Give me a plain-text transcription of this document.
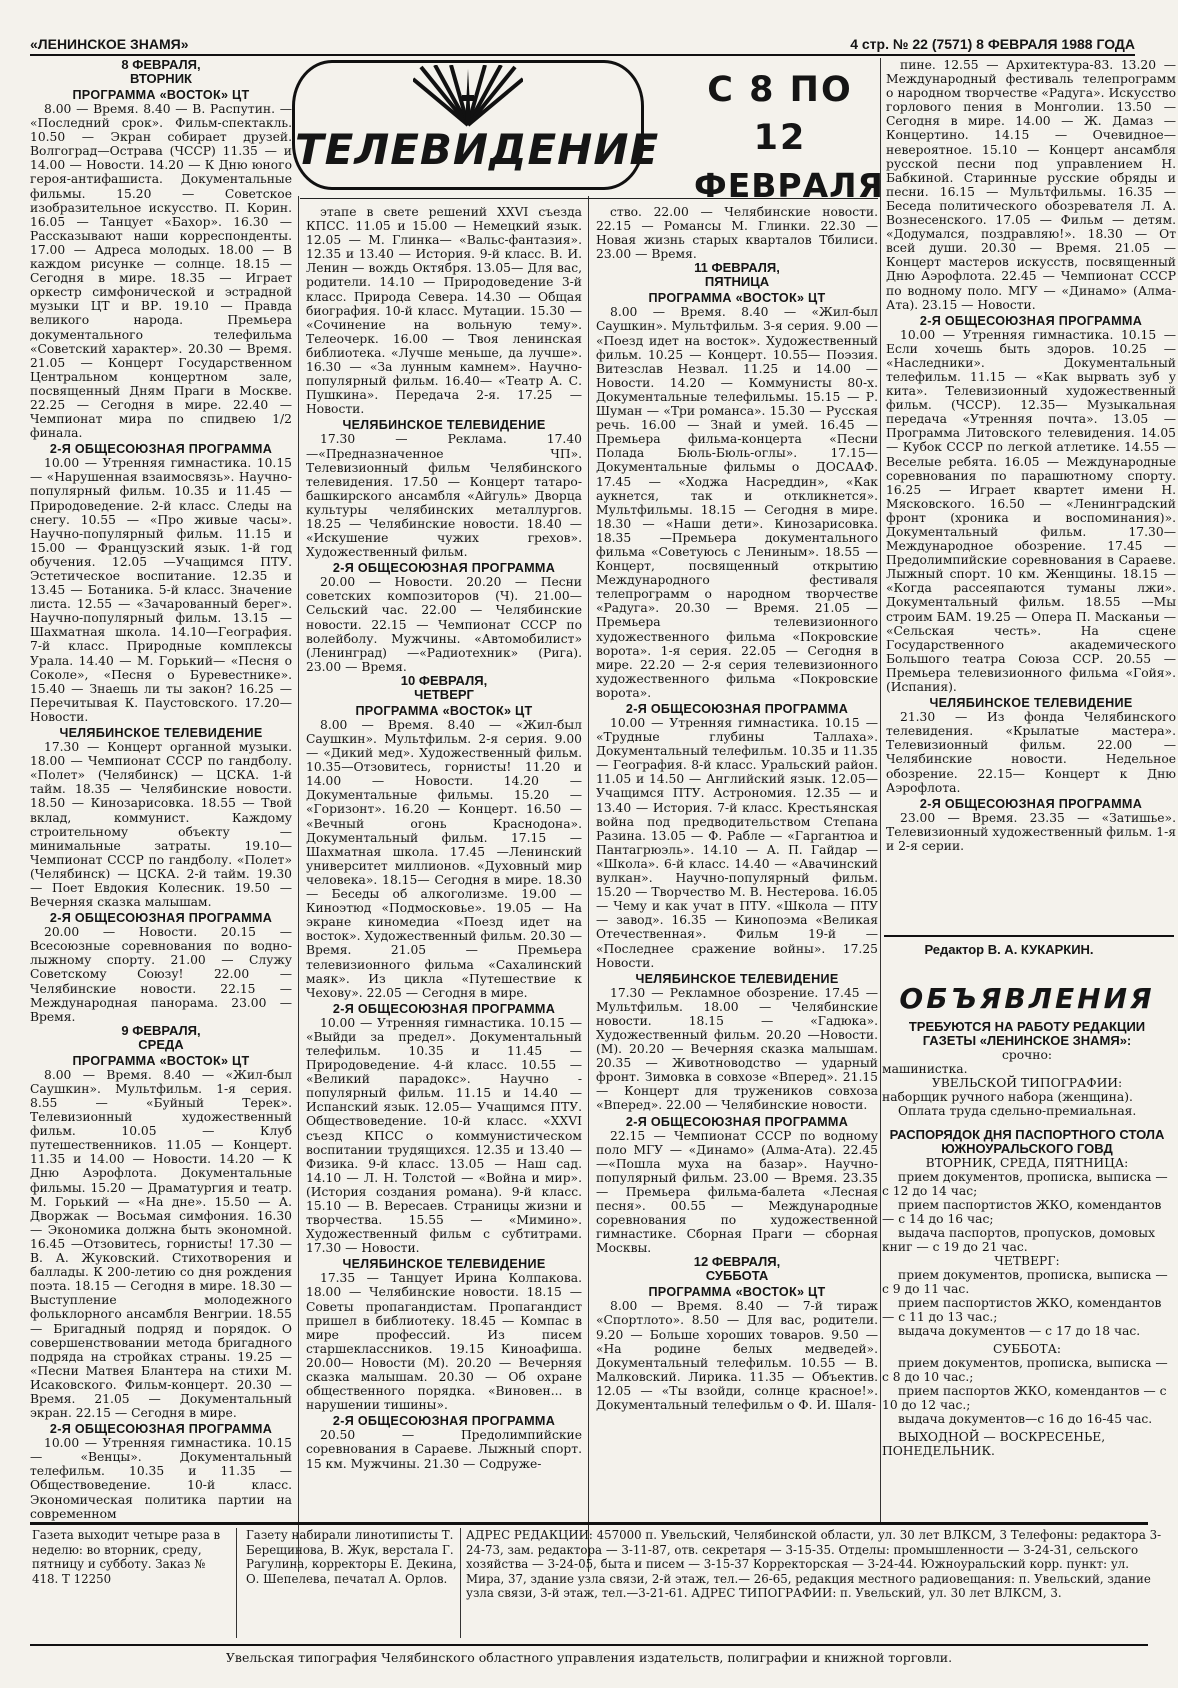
«ЛЕНИНСКОЕ ЗНАМЯ»	4 стр. № 22 (7571) 8 ФЕВРАЛЯ 1988 ГОДА
ТЕЛЕВИДЕНИЕ
С 8 ПО 12
ФЕВРАЛЯ
8 ФЕВРАЛЯ,
ВТОРНИК
ПРОГРАММА «ВОСТОК» ЦТ

8.00 — Время. 8.40 — В. Распутин. — «Последний срок». Фильм-спектакль. 10.50 — Экран собирает друзей. Волгоград—Острава (ЧССР) 11.35 — и 14.00 — Новости. 14.20 — К Дню юного героя-антифашиста. Документальные фильмы. 15.20 — Советское изобразительное искусство. П. Корин. 16.05 — Танцует «Бахор». 16.30 — Рассказывают наши корреспонденты. 17.00 — Адреса молодых. 18.00 — В каждом рисунке — солнце. 18.15 — Сегодня в мире. 18.35 — Играет оркестр симфонической и эстрадной музыки ЦТ и ВР. 19.10 — Правда великого народа. Премьера документального телефильма «Советский характер». 20.30 — Время. 21.05 — Концерт Государственном Центральном концертном зале, посвященный Дням Праги в Москве. 22.25 — Сегодня в мире. 22.40 — Чемпионат мира по спидвею 1/2 финала.

2-Я ОБЩЕСОЮЗНАЯ ПРОГРАММА

10.00 — Утренняя гимнастика. 10.15— «Нарушенная взаимосвязь». Научно-популярный фильм. 10.35 и 11.45 — Природоведение. 2-й класс. Следы на снегу. 10.55 — «Про живые часы». Научно-популярный фильм. 11.15 и 15.00 — Французский язык. 1-й год обучения. 12.05 —Учащимся ПТУ. Эстетическое воспитание. 12.35 и 13.45 — Ботаника. 5-й класс. Значение листа. 12.55 — «Зачарованный берег». Научно-популярный фильм. 13.15 — Шахматная школа. 14.10—География. 7-й класс. Природные комплексы Урала. 14.40 — М. Горький— «Песня о Соколе», «Песня о Буревестнике». 15.40 — Знаешь ли ты закон? 16.25 — Перечитывая К. Паустовского. 17.20— Новости.

ЧЕЛЯБИНСКОЕ ТЕЛЕВИДЕНИЕ

17.30 — Концерт органной музыки. 18.00 — Чемпионат СССР по гандболу. «Полет» (Челябинск) — ЦСКА. 1-й тайм. 18.35 — Челябинские новости. 18.50 — Кинозарисовка. 18.55 — Твой вклад, коммунист. Каждому строительному объекту — минимальные затраты. 19.10— Чемпионат СССР по гандболу. «Полет» (Челябинск) — ЦСКА. 2-й тайм. 19.30 — Поет Евдокия Колесник. 19.50 — Вечерняя сказка малышам.

2-Я ОБЩЕСОЮЗНАЯ ПРОГРАММА

20.00 — Новости. 20.15 — Всесоюзные соревнования по водно-лыжному спорту. 21.00 — Служу Советскому Союзу! 22.00 — Челябинские новости. 22.15 — Международная панорама. 23.00 — Время.

9 ФЕВРАЛЯ,
СРЕДА
ПРОГРАММА «ВОСТОК» ЦТ

8.00 — Время. 8.40 — «Жил-был Саушкин». Мультфильм. 1-я серия. 8.55 — «Буйный Терек». Телевизионный художественный фильм. 10.05 — Клуб путешественников. 11.05 — Концерт. 11.35 и 14.00 — Новости. 14.20 — К Дню Аэрофлота. Документальные фильмы. 15.20 — Драматургия и театр. М. Горький — «На дне». 15.50 — А. Дворжак — Восьмая симфония. 16.30 — Экономика должна быть экономной. 16.45 —Отзовитесь, горнисты! 17.30 — В. А. Жуковский. Стихотворения и баллады. К 200-летию со дня рождения поэта. 18.15 — Сегодня в мире. 18.30 — Выступление молодежного фольклорного ансамбля Венгрии. 18.55 — Бригадный подряд и порядок. О совершенствовании метода бригадного подряда на стройках страны. 19.25 — «Песни Матвея Блантера на стихи М. Исаковского. Фильм-концерт. 20.30 — Время. 21.05 — Документальный экран. 22.15 — Сегодня в мире.

2-Я ОБЩЕСОЮЗНАЯ ПРОГРАММА

10.00 — Утренняя гимнастика. 10.15 — «Венцы». Документальный телефильм. 10.35 и 11.35 —Обществоведение. 10-й класс. Экономическая политика партии на современном

этапе в свете решений XXVI съезда КПСС. 11.05 и 15.00 — Немецкий язык. 12.05 — М. Глинка— «Вальс-фантазия». 12.35 и 13.40 — История. 9-й класс. В. И. Ленин — вождь Октября. 13.05— Для вас, родители. 14.10 — Природоведение 3-й класс. Природа Севера. 14.30 — Общая биография. 10-й класс. Мутации. 15.30 — «Сочинение на вольную тему». Телеочерк. 16.00 — Твоя ленинская библиотека. «Лучше меньше, да лучше». 16.30 — «За лунным камнем». Научно-популярный фильм. 16.40— «Театр А. С. Пушкина». Передача 2-я. 17.25 — Новости.

ЧЕЛЯБИНСКОЕ ТЕЛЕВИДЕНИЕ

17.30 — Реклама. 17.40 —«Предназначенное ЧП». Телевизионный фильм Челябинского телевидения. 17.50 — Концерт татаро-башкирского ансамбля «Айгуль» Дворца культуры челябинских металлургов. 18.25 — Челябинские новости. 18.40 — «Искушение чужих грехов». Художественный фильм.

2-Я ОБЩЕСОЮЗНАЯ ПРОГРАММА

20.00 — Новости. 20.20 — Песни советских композиторов (Ч). 21.00— Сельский час. 22.00 — Челябинские новости. 22.15 — Чемпионат СССР по волейболу. Мужчины. «Автомобилист» (Ленинград) —«Радиотехник» (Рига). 23.00 — Время.

10 ФЕВРАЛЯ,
ЧЕТВЕРГ
ПРОГРАММА «ВОСТОК» ЦТ

8.00 — Время. 8.40 — «Жил-был Саушкин». Мультфильм. 2-я серия. 9.00 — «Дикий мед». Художественный фильм. 10.35—Отзовитесь, горнисты! 11.20 и 14.00 — Новости. 14.20 — Документальные фильмы. 15.20 — «Горизонт». 16.20 — Концерт. 16.50 — «Вечный огонь Краснодона». Документальный фильм. 17.15 — Шахматная школа. 17.45 —Ленинский университет миллионов. «Духовный мир человека». 18.15— Сегодня в мире. 18.30 — Беседы об алкоголизме. 19.00 — Киноэтюд «Подмосковье». 19.05 — На экране киномедиа «Поезд идет на восток». Художественный фильм. 20.30 —Время. 21.05 — Премьера телевизионного фильма «Сахалинский маяк». Из цикла «Путешествие к Чехову». 22.05 — Сегодня в мире.

2-Я ОБЩЕСОЮЗНАЯ ПРОГРАММА

10.00 — Утренняя гимнастика. 10.15 — «Выйди за предел». Документальный телефильм. 10.35 и 11.45 — Природоведение. 4-й класс. 10.55 — «Великий парадокс». Научно - популярный фильм. 11.15 и 14.40 — Испанский язык. 12.05— Учащимся ПТУ. Обществоведение. 10-й класс. «XXVI съезд КПСС о коммунистическом воспитании трудящихся. 12.35 и 13.40 — Физика. 9-й класс. 13.05 — Наш сад. 14.10 — Л. Н. Толстой — «Война и мир». (История создания романа). 9-й класс. 15.10 — В. Вересаев. Страницы жизни и творчества. 15.55 — «Мимино». Художественный фильм с субтитрами. 17.30 — Новости.

ЧЕЛЯБИНСКОЕ ТЕЛЕВИДЕНИЕ

17.35 — Танцует Ирина Колпакова. 18.00 — Челябинские новости. 18.15 — Советы пропагандистам. Пропагандист пришел в библиотеку. 18.45 — Компас в мире профессий. Из писем старшеклассников. 19.15 Киноафиша. 20.00— Новости (М). 20.20 — Вечерняя сказка малышам. 20.30 — Об охране общественного порядка. «Виновен... в нарушении тишины».

2-Я ОБЩЕСОЮЗНАЯ ПРОГРАММА

20.50 — Предолимпийские соревнования в Сараеве. Лыжный спорт. 15 км. Мужчины. 21.30 — Содруже-

ство. 22.00 — Челябинские новости. 22.15 — Романсы М. Глинки. 22.30 —Новая жизнь старых кварталов Тбилиси. 23.00 — Время.

11 ФЕВРАЛЯ,
ПЯТНИЦА
ПРОГРАММА «ВОСТОК» ЦТ

8.00 — Время. 8.40 — «Жил-был Саушкин». Мультфильм. 3-я серия. 9.00 — «Поезд идет на восток». Художественный фильм. 10.25 — Концерт. 10.55— Поэзия. Витезслав Незвал. 11.25 и 14.00 — Новости. 14.20 — Коммунисты 80-х. Документальные телефильмы. 15.15 — Р. Шуман — «Три романса». 15.30 — Русская речь. 16.00 — Знай и умей. 16.45 — Премьера фильма-концерта «Песни Полада Бюль-Бюль-оглы». 17.15—Документальные фильмы о ДОСААФ. 17.45 — «Ходжа Насреддин», «Как аукнется, так и откликнется». Мультфильмы. 18.15 — Сегодня в мире. 18.30 — «Наши дети». Кинозарисовка. 18.35 —Премьера документального фильма «Советуюсь с Лениным». 18.55 — Концерт, посвященный открытию Международного фестиваля телепрограмм о народном творчестве «Радуга». 20.30 — Время. 21.05 — Премьера телевизионного художественного фильма «Покровские ворота». 1-я серия. 22.05 — Сегодня в мире. 22.20 — 2-я серия телевизионного художественного фильма «Покровские ворота».

2-Я ОБЩЕСОЮЗНАЯ ПРОГРАММА

10.00 — Утренняя гимнастика. 10.15 — «Трудные глубины Таллаха». Документальный телефильм. 10.35 и 11.35 — География. 8-й класс. Уральский район. 11.05 и 14.50 — Английский язык. 12.05— Учащимся ПТУ. Астрономия. 12.35 — и 13.40 — История. 7-й класс. Крестьянская война под предводительством Степана Разина. 13.05 — Ф. Рабле — «Гаргантюа и Пантагрюэль». 14.10 — А. П. Гайдар — «Школа». 6-й класс. 14.40 — «Авачинский вулкан». Научно-популярный фильм. 15.20 — Творчество М. В. Нестерова. 16.05 — Чему и как учат в ПТУ. «Школа — ПТУ — завод». 16.35 — Кинопоэма «Великая Отечественная». Фильм 19-й — «Последнее сражение войны». 17.25 Новости.

ЧЕЛЯБИНСКОЕ ТЕЛЕВИДЕНИЕ

17.30 — Рекламное обозрение. 17.45 — Мультфильм. 18.00 — Челябинские новости. 18.15 — «Гадюка». Художественный фильм. 20.20 —Новости. (М). 20.20 — Вечерняя сказка малышам. 20.35 — Животноводство — ударный фронт. Зимовка в совхозе «Вперед». 21.15 — Концерт для тружеников совхоза «Вперед». 22.00 — Челябинские новости.

2-Я ОБЩЕСОЮЗНАЯ ПРОГРАММА

22.15 — Чемпионат СССР по водному поло МГУ — «Динамо» (Алма-Ата). 22.45—«Пошла муха на базар». Научно-популярный фильм. 23.00 — Время. 23.35 — Премьера фильма-балета «Лесная песня». 00.55 — Международные соревнования по художественной гимнастике. Сборная Праги — сборная Москвы.

12 ФЕВРАЛЯ,
СУББОТА
ПРОГРАММА «ВОСТОК» ЦТ

8.00 — Время. 8.40 — 7-й тираж «Спортлото». 8.50 — Для вас, родители. 9.20 — Больше хороших товаров. 9.50 — «На родине белых медведей». Документальный телефильм. 10.55 — В. Малковский. Лирика. 11.35 — Объектив. 12.05 — «Ты взойди, солнце красное!». Документальный телефильм о Ф. И. Шаля-

пине. 12.55 — Архитектура-83. 13.20 — Международный фестиваль телепрограмм о народном творчестве «Радуга». Искусство горлового пения в Монголии. 13.50 — Сегодня в мире. 14.00 — Ж. Дамаз — Концертино. 14.15 — Очевидное—невероятное. 15.10 — Концерт ансамбля русской песни под управлением Н. Бабкиной. Старинные русские обряды и песни. 16.15 — Мультфильмы. 16.35 — Беседа политического обозревателя Л. А. Вознесенского. 17.05 — Фильм — детям. «Додумался, поздравляю!». 18.30 — От всей души. 20.30 — Время. 21.05 — Концерт мастеров искусств, посвященный Дню Аэрофлота. 22.45 — Чемпионат СССР по водному поло. МГУ — «Динамо» (Алма-Ата). 23.15 — Новости.

2-Я ОБЩЕСОЮЗНАЯ ПРОГРАММА

10.00 — Утренняя гимнастика. 10.15 — Если хочешь быть здоров. 10.25 — «Наследники». Документальный телефильм. 11.15 — «Как вырвать зуб у кита». Телевизионный художественный фильм. (ЧССР). 12.35— Музыкальная передача «Утренняя почта». 13.05 — Программа Литовского телевидения. 14.05 — Кубок СССР по легкой атлетике. 14.55 —Веселые ребята. 16.05 — Международные соревнования по парашютному спорту. 16.25 — Играет квартет имени Н. Мясковского. 16.50 — «Ленинградский фронт (хроника и воспоминания)». Документальный фильм. 17.30— Международное обозрение. 17.45 — Предолимпийские соревнования в Сараеве. Лыжный спорт. 10 км. Женщины. 18.15 — «Когда рассеяпаются туманы лжи». Документальный фильм. 18.55 —Мы строим БАМ. 19.25 — Опера П. Масканьи — «Сельская честь». На сцене Государственного академического Большого театра Союза ССР. 20.55 — Премьера телевизионного фильма «Гойя». (Испания).

ЧЕЛЯБИНСКОЕ ТЕЛЕВИДЕНИЕ

21.30 — Из фонда Челябинского телевидения. «Крылатые мастера». Телевизионный фильм. 22.00 — Челябинские новости. Недельное обозрение. 22.15— Концерт к Дню Аэрофлота.

2-Я ОБЩЕСОЮЗНАЯ ПРОГРАММА

23.00 — Время. 23.35 — «Затишье». Телевизионный художественный фильм. 1-я и 2-я серии.

Редактор В. А. КУКАРКИН.
ОБЪЯВЛЕНИЯ

ТРЕБУЮТСЯ НА РАБОТУ РЕДАКЦИИ ГАЗЕТЫ «ЛЕНИНСКОЕ ЗНАМЯ»:

срочно:

машинистка.

УВЕЛЬСКОЙ ТИПОГРАФИИ:

наборщик ручного набора (женщина).

Оплата труда сдельно-премиальная.

РАСПОРЯДОК ДНЯ ПАСПОРТНОГО СТОЛА ЮЖНОУРАЛЬСКОГО ГОВД

ВТОРНИК, СРЕДА, ПЯТНИЦА:

прием документов, прописка, выписка — с 12 до 14 час;

прием паспортистов ЖКО, комендантов — с 14 до 16 час;

выдача паспортов, пропусков, домовых книг — с 19 до 21 час.

ЧЕТВЕРГ:

прием документов, прописка, выписка — с 9 до 11 час.

прием паспортистов ЖКО, комендантов — с 11 до 13 час.;

выдача документов — с 17 до 18 час.

СУББОТА:

прием документов, прописка, выписка — с 8 до 10 час.;

прием паспортов ЖКО, комендантов — с 10 до 12 час.;

выдача документов—с 16 до 16-45 час.

ВЫХОДНОЙ — ВОСКРЕСЕНЬЕ, ПОНЕДЕЛЬНИК.

Газета выходит четыре раза в неделю: во вторник, среду, пятницу и субботу. Заказ № 418. Т 12250
Газету набирали линотиписты Т. Берещинова, В. Жук, верстала Г. Рагулина, корректоры Е. Декина, О. Шепелева, печатал А. Орлов.
АДРЕС РЕДАКЦИИ: 457000 п. Увельский, Челябинской области, ул. 30 лет ВЛКСМ, 3 Телефоны: редактора 3-24-73, зам. редактора — 3-11-87, отв. секретаря — 3-15-35. Отделы: промышленности — 3-24-31, сельского хозяйства — 3-24-05, быта и писем — 3-15-37 Корректорская — 3-24-44. Южноуральский корр. пункт: ул. Мира, 37, здание узла связи, 2-й этаж, тел.— 26-65, редакция местного радиовещания: п. Увельский, здание узла связи, 3-й этаж, тел.—3-21-61. АДРЕС ТИПОГРАФИИ: п. Увельский, ул. 30 лет ВЛКСМ, 3.
Увельская типография Челябинского областного управления издательств, полиграфии и книжной торговли.
